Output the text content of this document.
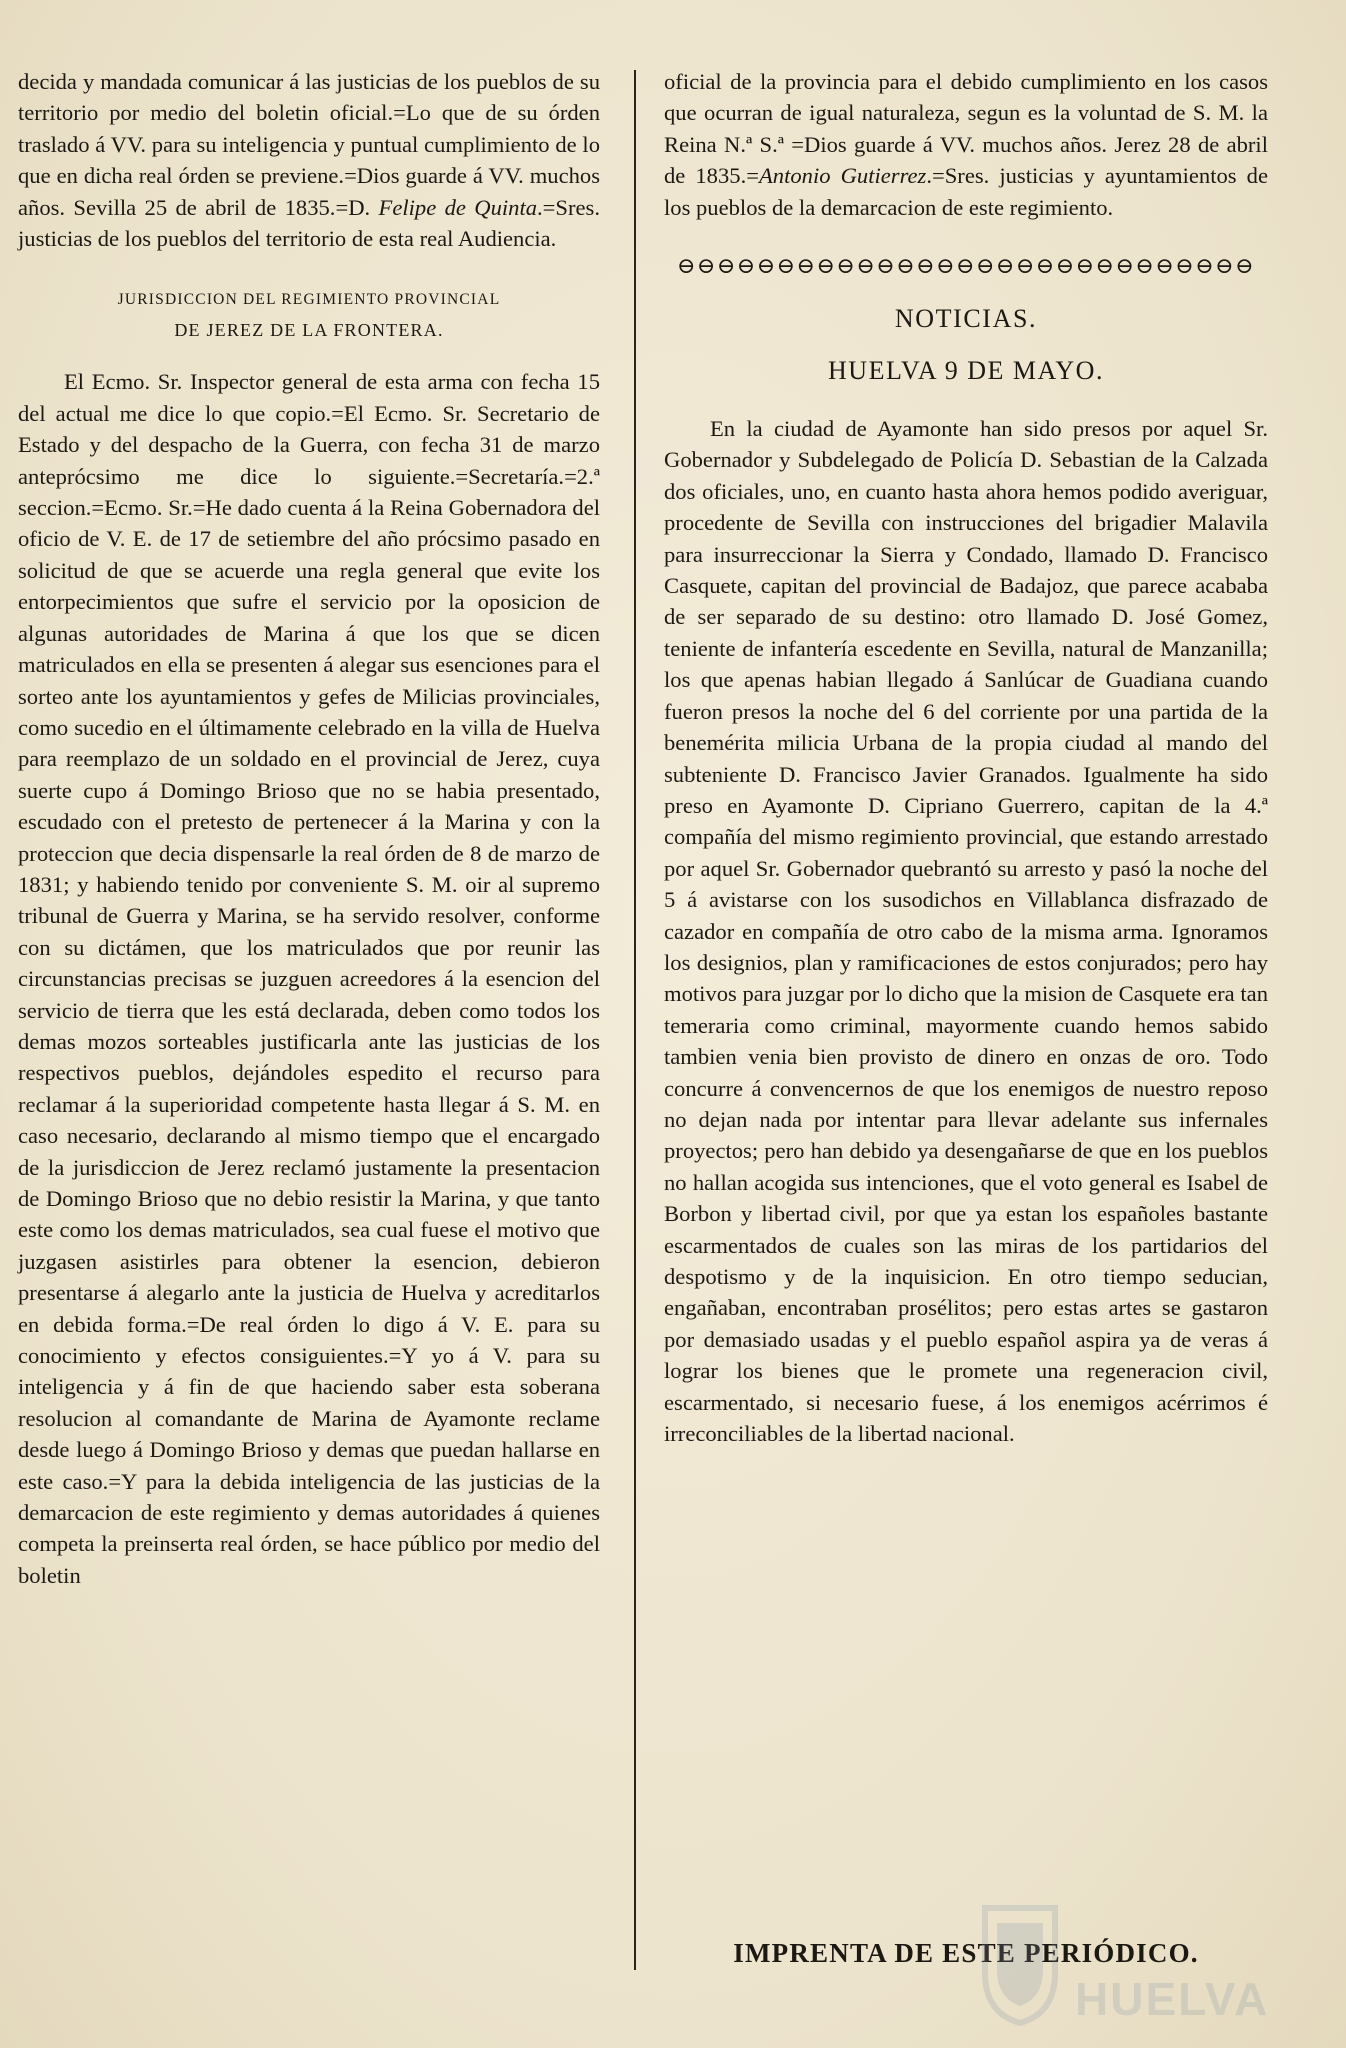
decida y mandada comunicar á las justicias de los pueblos de su territorio por medio del boletin oficial.=Lo que de su órden traslado á VV. para su inteligencia y puntual cumplimiento de lo que en dicha real órden se previene.=Dios guarde á VV. muchos años. Sevilla 25 de abril de 1835.=D. Felipe de Quinta.=Sres. justicias de los pueblos del territorio de esta real Audiencia.

JURISDICCION DEL REGIMIENTO PROVINCIAL
DE JEREZ DE LA FRONTERA.

El Ecmo. Sr. Inspector general de esta arma con fecha 15 del actual me dice lo que copio.=El Ecmo. Sr. Secretario de Estado y del despacho de la Guerra, con fecha 31 de marzo anteprócsimo me dice lo siguiente.=Secretaría.=2.ª seccion.=Ecmo. Sr.=He dado cuenta á la Reina Gobernadora del oficio de V. E. de 17 de setiembre del año prócsimo pasado en solicitud de que se acuerde una regla general que evite los entorpecimientos que sufre el servicio por la oposicion de algunas autoridades de Marina á que los que se dicen matriculados en ella se presenten á alegar sus esenciones para el sorteo ante los ayuntamientos y gefes de Milicias provinciales, como sucedio en el últimamente celebrado en la villa de Huelva para reemplazo de un soldado en el provincial de Jerez, cuya suerte cupo á Domingo Brioso que no se habia presentado, escudado con el pretesto de pertenecer á la Marina y con la proteccion que decia dispensarle la real órden de 8 de marzo de 1831; y habiendo tenido por conveniente S. M. oir al supremo tribunal de Guerra y Marina, se ha servido resolver, conforme con su dictámen, que los matriculados que por reunir las circunstancias precisas se juzguen acreedores á la esencion del servicio de tierra que les está declarada, deben como todos los demas mozos sorteables justificarla ante las justicias de los respectivos pueblos, dejándoles espedito el recurso para reclamar á la superioridad competente hasta llegar á S. M. en caso necesario, declarando al mismo tiempo que el encargado de la jurisdiccion de Jerez reclamó justamente la presentacion de Domingo Brioso que no debio resistir la Marina, y que tanto este como los demas matriculados, sea cual fuese el motivo que juzgasen asistirles para obtener la esencion, debieron presentarse á alegarlo ante la justicia de Huelva y acreditarlos en debida forma.=De real órden lo digo á V. E. para su conocimiento y efectos consiguientes.=Y yo á V. para su inteligencia y á fin de que haciendo saber esta soberana resolucion al comandante de Marina de Ayamonte reclame desde luego á Domingo Brioso y demas que puedan hallarse en este caso.=Y para la debida inteligencia de las justicias de la demarcacion de este regimiento y demas autoridades á quienes competa la preinserta real órden, se hace público por medio del boletin

oficial de la provincia para el debido cumplimiento en los casos que ocurran de igual naturaleza, segun es la voluntad de S. M. la Reina N.ª S.ª =Dios guarde á VV. muchos años. Jerez 28 de abril de 1835.=Antonio Gutierrez.=Sres. justicias y ayuntamientos de los pueblos de la demarcacion de este regimiento.

⊖⊖⊖⊖⊖⊖⊖⊖⊖⊖⊖⊖⊖⊖⊖⊖⊖⊖⊖⊖⊖⊖⊖⊖⊖⊖⊖⊖⊖
NOTICIAS.
HUELVA 9 DE MAYO.

En la ciudad de Ayamonte han sido presos por aquel Sr. Gobernador y Subdelegado de Policía D. Sebastian de la Calzada dos oficiales, uno, en cuanto hasta ahora hemos podido averiguar, procedente de Sevilla con instrucciones del brigadier Malavila para insurreccionar la Sierra y Condado, llamado D. Francisco Casquete, capitan del provincial de Badajoz, que parece acababa de ser separado de su destino: otro llamado D. José Gomez, teniente de infantería escedente en Sevilla, natural de Manzanilla; los que apenas habian llegado á Sanlúcar de Guadiana cuando fueron presos la noche del 6 del corriente por una partida de la benemérita milicia Urbana de la propia ciudad al mando del subteniente D. Francisco Javier Granados. Igualmente ha sido preso en Ayamonte D. Cipriano Guerrero, capitan de la 4.ª compañía del mismo regimiento provincial, que estando arrestado por aquel Sr. Gobernador quebrantó su arresto y pasó la noche del 5 á avistarse con los susodichos en Villablanca disfrazado de cazador en compañía de otro cabo de la misma arma. Ignoramos los designios, plan y ramificaciones de estos conjurados; pero hay motivos para juzgar por lo dicho que la mision de Casquete era tan temeraria como criminal, mayormente cuando hemos sabido tambien venia bien provisto de dinero en onzas de oro. Todo concurre á convencernos de que los enemigos de nuestro reposo no dejan nada por intentar para llevar adelante sus infernales proyectos; pero han debido ya desengañarse de que en los pueblos no hallan acogida sus intenciones, que el voto general es Isabel de Borbon y libertad civil, por que ya estan los españoles bastante escarmentados de cuales son las miras de los partidarios del despotismo y de la inquisicion. En otro tiempo seducian, engañaban, encontraban prosélitos; pero estas artes se gastaron por demasiado usadas y el pueblo español aspira ya de veras á lograr los bienes que le promete una regeneracion civil, escarmentado, si necesario fuese, á los enemigos acérrimos é irreconciliables de la libertad nacional.

IMPRENTA DE ESTE PERIÓDICO.
HUELVA
